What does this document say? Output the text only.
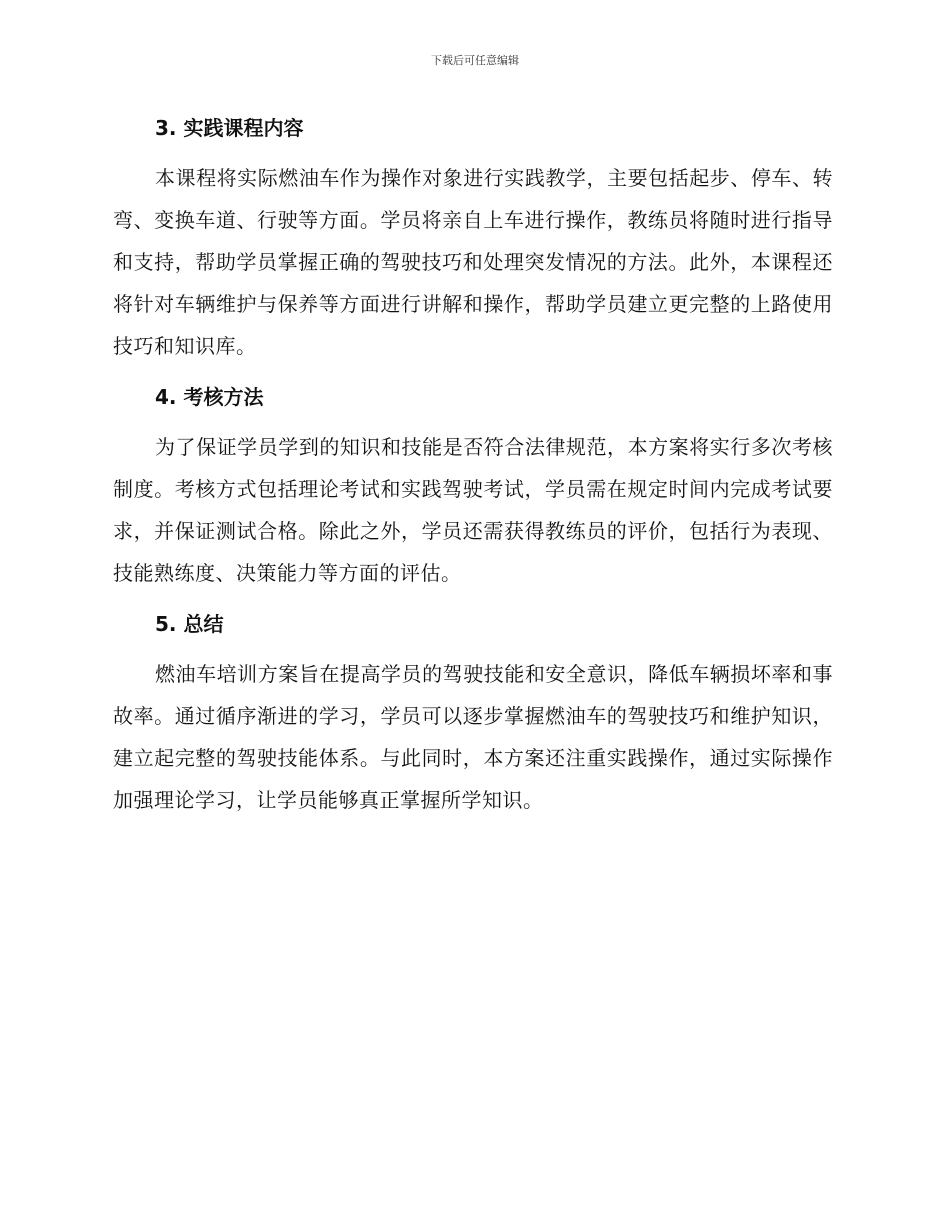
下载后可任意编辑
3. 实践课程内容

本课程将实际燃油车作为操作对象进行实践教学，主要包括起步、停车、转弯、变换车道、行驶等方面。学员将亲自上车进行操作，教练员将随时进行指导和支持，帮助学员掌握正确的驾驶技巧和处理突发情况的方法。此外，本课程还将针对车辆维护与保养等方面进行讲解和操作，帮助学员建立更完整的上路使用技巧和知识库。

4. 考核方法

为了保证学员学到的知识和技能是否符合法律规范，本方案将实行多次考核制度。考核方式包括理论考试和实践驾驶考试，学员需在规定时间内完成考试要求，并保证测试合格。除此之外，学员还需获得教练员的评价，包括行为表现、技能熟练度、决策能力等方面的评估。

5. 总结

燃油车培训方案旨在提高学员的驾驶技能和安全意识，降低车辆损坏率和事故率。通过循序渐进的学习，学员可以逐步掌握燃油车的驾驶技巧和维护知识，建立起完整的驾驶技能体系。与此同时，本方案还注重实践操作，通过实际操作加强理论学习，让学员能够真正掌握所学知识。
